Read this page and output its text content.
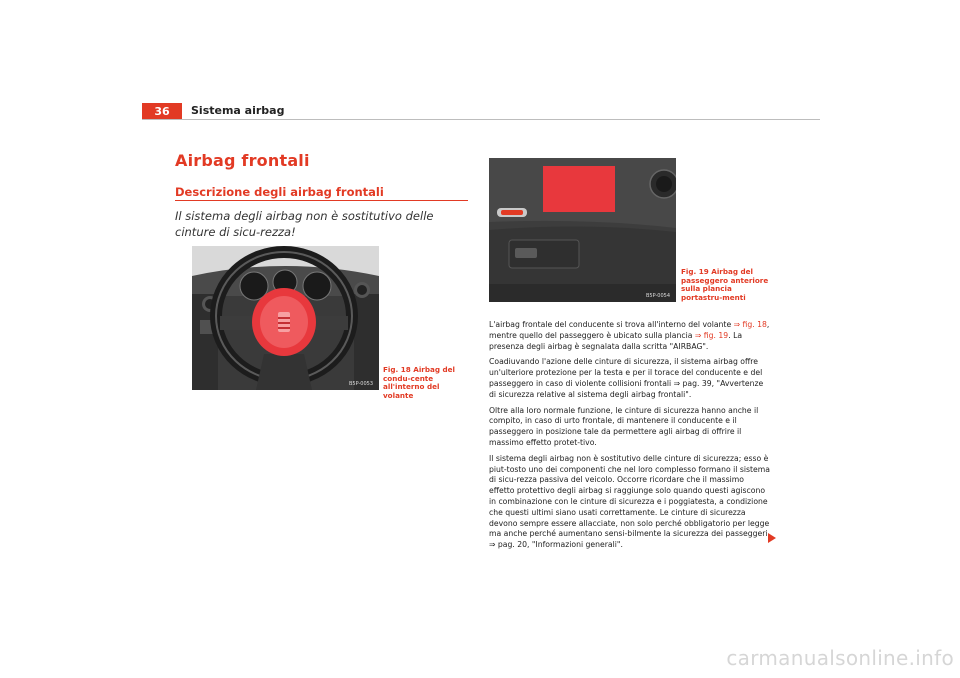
36	Sistema airbag
Airbag frontali
Descrizione degli airbag frontali
Il sistema degli airbag non è sostitutivo delle cinture di sicu-rezza!
B5P-0053
Fig. 18 Airbag del condu-cente all'interno del volante
B5P-0054
Fig. 19 Airbag del passeggero anteriore sulla plancia portastru-menti

L'airbag frontale del conducente si trova all'interno del volante ⇒ fig. 18, mentre quello del passeggero è ubicato sulla plancia ⇒ fig. 19. La presenza degli airbag è segnalata dalla scritta "AIRBAG".

Coadiuvando l'azione delle cinture di sicurezza, il sistema airbag offre un'ulteriore protezione per la testa e per il torace del conducente e del passeggero in caso di violente collisioni frontali ⇒ pag. 39, "Avvertenze di sicurezza relative al sistema degli airbag frontali".

Oltre alla loro normale funzione, le cinture di sicurezza hanno anche il compito, in caso di urto frontale, di mantenere il conducente e il passeggero in posizione tale da permettere agli airbag di offrire il massimo effetto protet-tivo.

Il sistema degli airbag non è sostitutivo delle cinture di sicurezza; esso è piut-tosto uno dei componenti che nel loro complesso formano il sistema di sicu-rezza passiva del veicolo. Occorre ricordare che il massimo effetto protettivo degli airbag si raggiunge solo quando questi agiscono in combinazione con le cinture di sicurezza e i poggiatesta, a condizione che questi ultimi siano usati correttamente. Le cinture di sicurezza devono sempre essere allacciate, non solo perché obbligatorio per legge ma anche perché aumentano sensi-bilmente la sicurezza dei passeggeri ⇒ pag. 20, "Informazioni generali".

carmanualsonline.info
